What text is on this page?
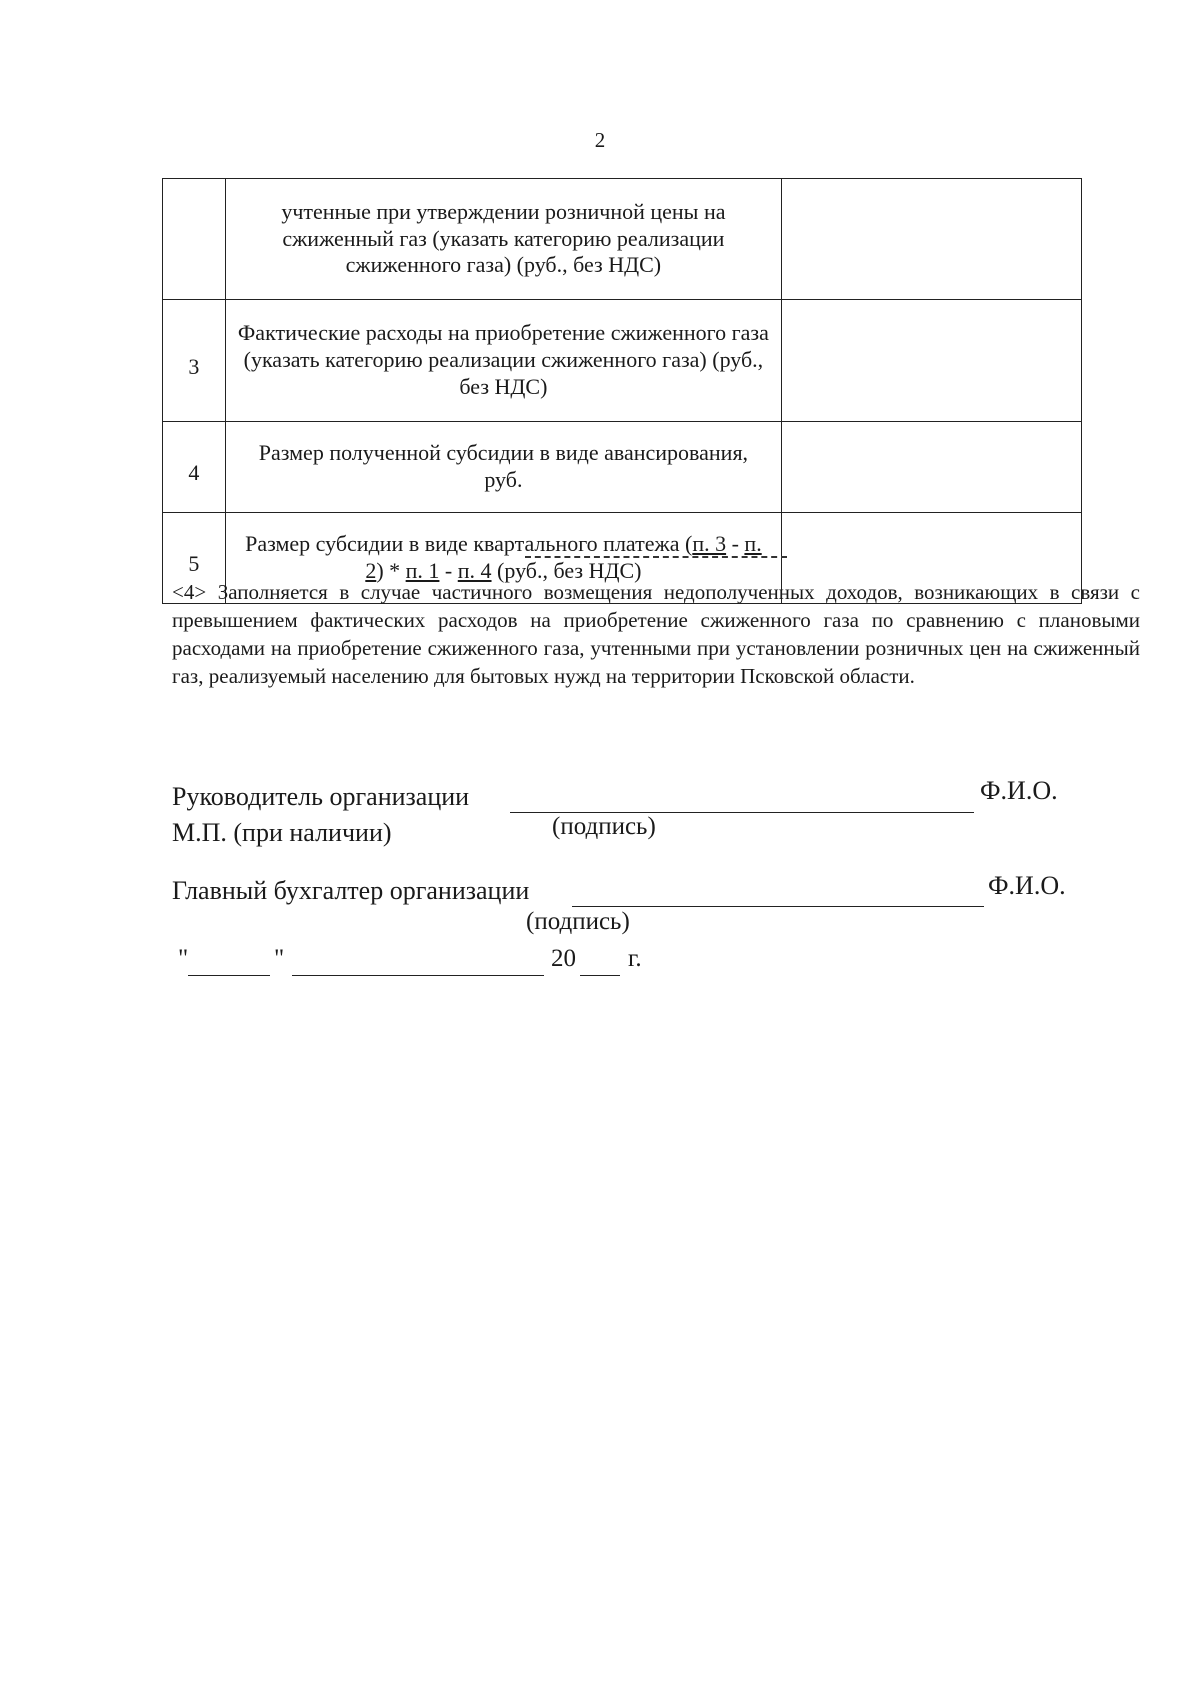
2
	учтенные при утверждении розничной цены на сжиженный газ (указать категорию реализации сжиженного газа) (руб., без НДС)	
3	Фактические расходы на приобретение сжиженного газа (указать категорию реализации сжиженного газа) (руб., без НДС)	
4	Размер полученной субсидии в виде авансирования, руб.	
5	Размер субсидии в виде квартального платежа (п. 3 - п. 2) * п. 1 - п. 4 (руб., без НДС)	
<4> Заполняется в случае частичного возмещения недополученных доходов, возникающих в связи с превышением фактических расходов на приобретение сжиженного газа по сравнению с плановыми расходами на приобретение сжиженного газа, учтенными при установлении розничных цен на сжиженный газ, реализуемый населению для бытовых нужд на территории Псковской области.
Руководитель организации	Ф.И.О.
М.П. (при наличии)	(подпись)
Главный бухгалтер организации	Ф.И.О.
(подпись)
"	"	20 г.
